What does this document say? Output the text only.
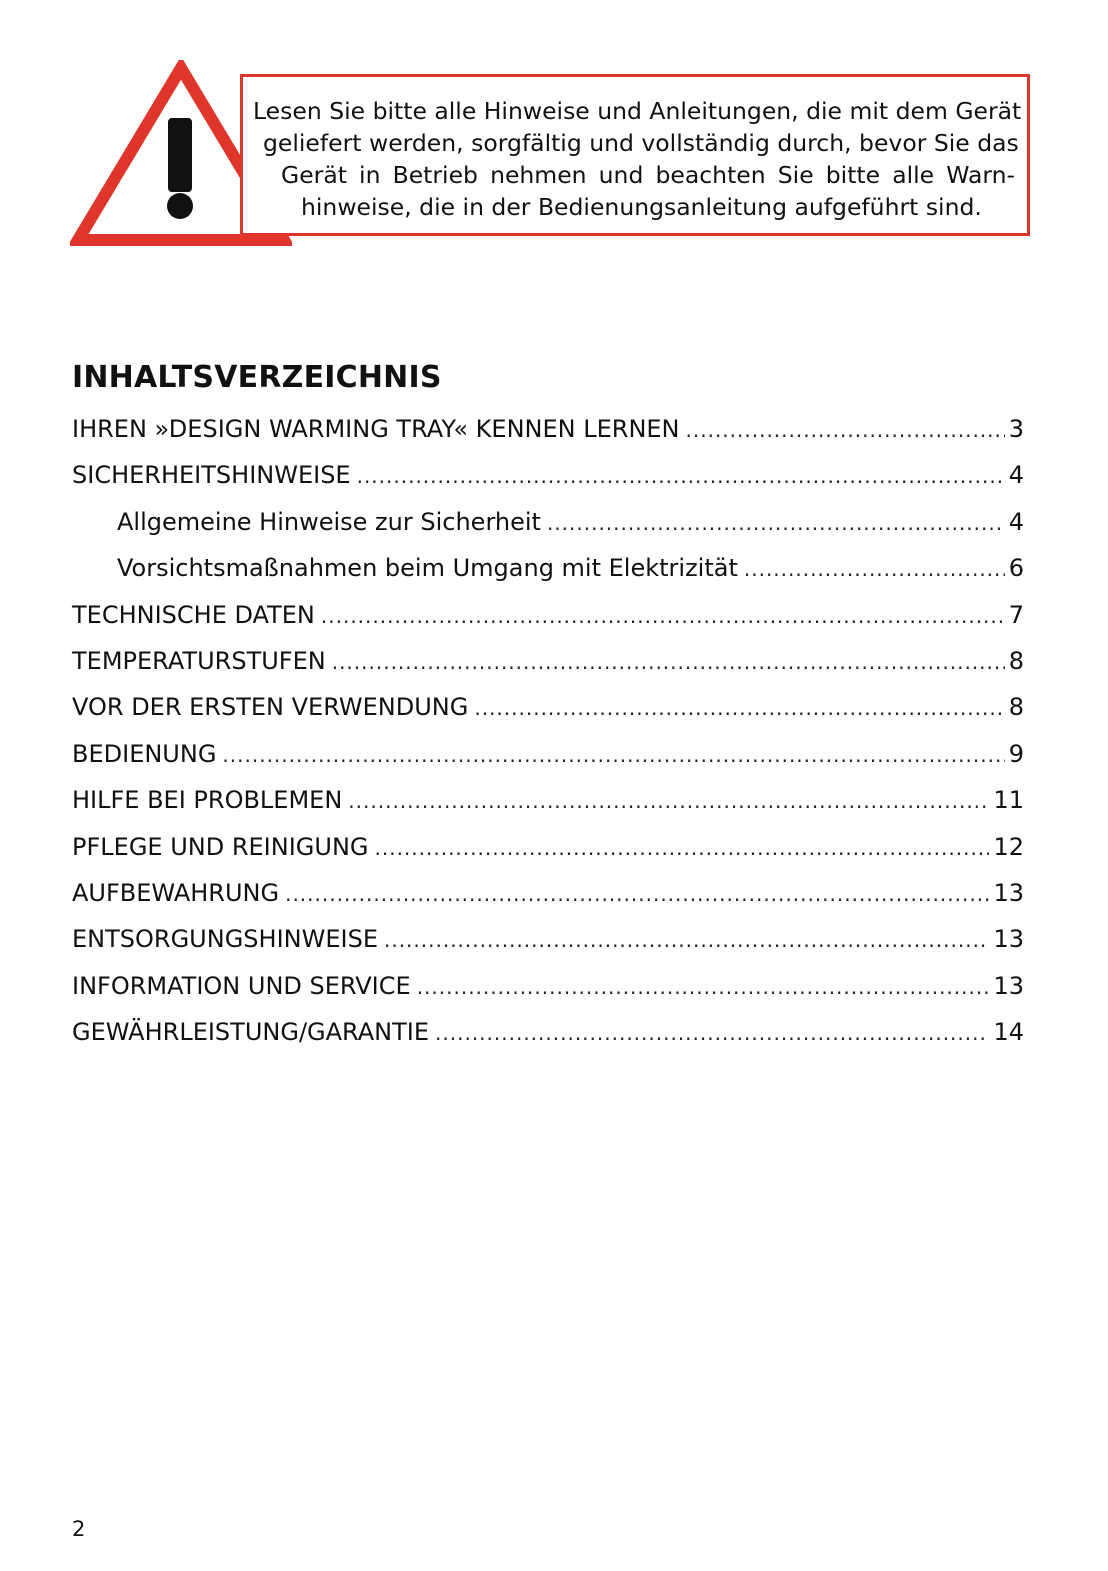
Lesen Sie bitte alle Hinweise und Anleitungen, die mit dem Gerät
geliefert werden, sorgfältig und vollständig durch, bevor Sie das
Gerät in Betrieb nehmen und beachten Sie bitte alle Warn-
hinweise, die in der Bedienungsanleitung aufgeführt sind.
INHALTSVERZEICHNIS
IHREN »DESIGN WARMING TRAY« KENNEN LERNEN .....	3
SICHERHEITSHINWEISE .....	4
Allgemeine Hinweise zur Sicherheit .....	4
Vorsichtsmaßnahmen beim Umgang mit Elektrizität .....	6
TECHNISCHE DATEN .....	7
TEMPERATURSTUFEN .....	8
VOR DER ERSTEN VERWENDUNG .....	8
BEDIENUNG .....	9
HILFE BEI PROBLEMEN .....	11
PFLEGE UND REINIGUNG .....	12
AUFBEWAHRUNG .....	13
ENTSORGUNGSHINWEISE .....	13
INFORMATION UND SERVICE .....	13
GEWÄHRLEISTUNG/GARANTIE .....	14
2
